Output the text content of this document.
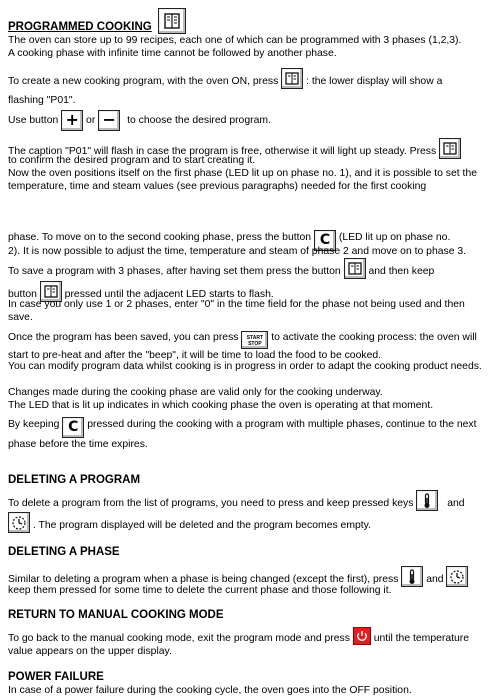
PROGRAMMED COOKING

The oven can store up to 99 recipes, each one of which can be programmed with 3 phases (1,2,3).

A cooking phase with infinite time cannot be followed by another phase.

To create a new cooking program, with the oven ON, press	: the lower display will show a

flashing "P01".

Use button + or − to choose the desired program.
The caption "P01" will flash in case the program is free, otherwise it will light up steady. Press

to confirm the desired program and to start creating it.

Now the oven positions itself on the first phase (LED lit up on phase no. 1), and it is possible to set the temperature, time and steam values (see previous paragraphs) needed for the first cooking

phase. To move on to the second cooking phase, press the button C (LED lit up on phase no.

2). It is now possible to adjust the time, temperature and steam of phase 2 and move on to phase 3.

To save a program with 3 phases, after having set them press the button	and then keep
button	pressed until the adjacent LED starts to flash.

In case you only use 1 or 2 phases, enter "0" in the time field for the phase not being used and then save.

Once the program has been saved, you can press START
STOP to activate the cooking process: the oven will start to pre-heat and after the "beep", it will be time to load the food to be cooked.

You can modify program data whilst cooking is in progress in order to adapt the cooking product needs.

Changes made during the cooking phase are valid only for the cooking underway.

The LED that is lit up indicates in which cooking phase the oven is operating at that moment.

By keeping C pressed during the cooking with a program with multiple phases, continue to the next phase before the time expires.
DELETING A PROGRAM
To delete a program from the list of programs, you need to press and keep pressed keys	and
. The program displayed will be deleted and the program becomes empty.
DELETING A PHASE
Similar to deleting a program when a phase is being changed (except the first), press	and

keep them pressed for some time to delete the current phase and those following it.

RETURN TO MANUAL COOKING MODE
To go back to the manual cooking mode, exit the program mode and press until the temperature value appears on the upper display.
POWER FAILURE

In case of a power failure during the cooking cycle, the oven goes into the OFF position.
